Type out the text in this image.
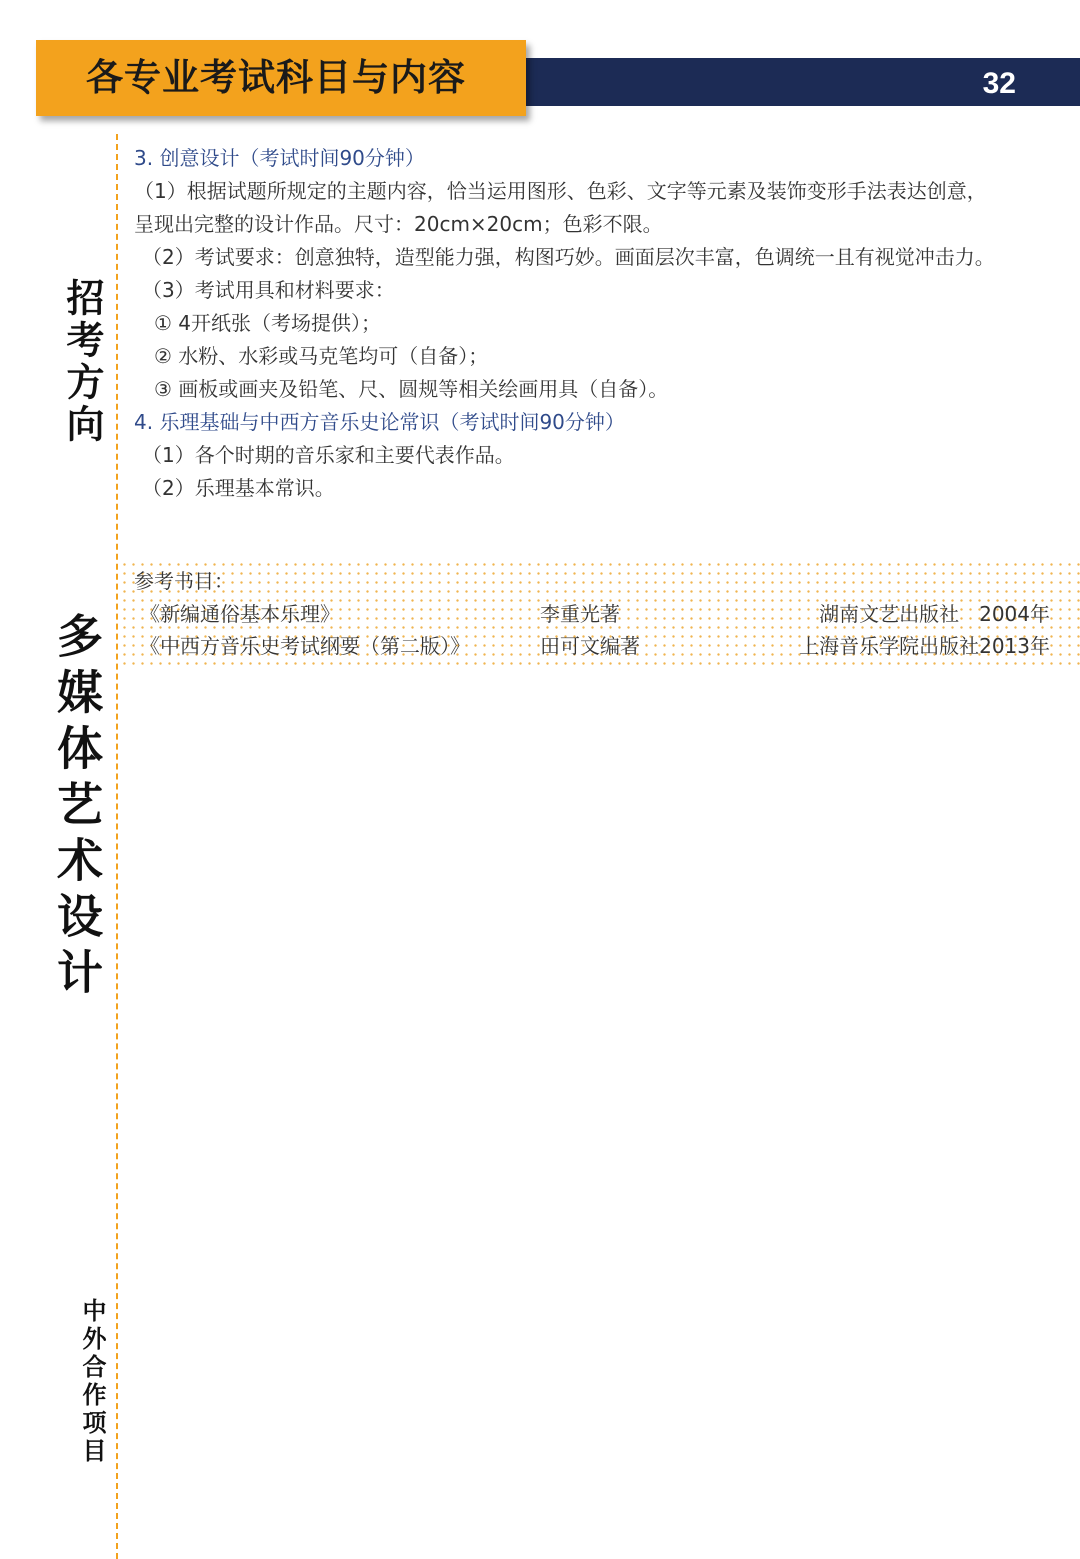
32
各专业考试科目与内容
招考方向
多媒体艺术设计
中外合作项目
3. 创意设计（考试时间90分钟）
（1）根据试题所规定的主题内容，恰当运用图形、色彩、文字等元素及装饰变形手法表达创意，
呈现出完整的设计作品。尺寸：20cm×20cm；色彩不限。
（2）考试要求：创意独特，造型能力强，构图巧妙。画面层次丰富，色调统一且有视觉冲击力。
（3）考试用具和材料要求：
① 4开纸张（考场提供）；
② 水粉、水彩或马克笔均可（自备）；
③ 画板或画夹及铅笔、尺、圆规等相关绘画用具（自备）。
4. 乐理基础与中西方音乐史论常识（考试时间90分钟）
（1）各个时期的音乐家和主要代表作品。
（2）乐理基本常识。
参考书目：
《新编通俗基本乐理》	李重光著	湖南文艺出版社　2004年
《中西方音乐史考试纲要（第二版）》	田可文编著	上海音乐学院出版社2013年
